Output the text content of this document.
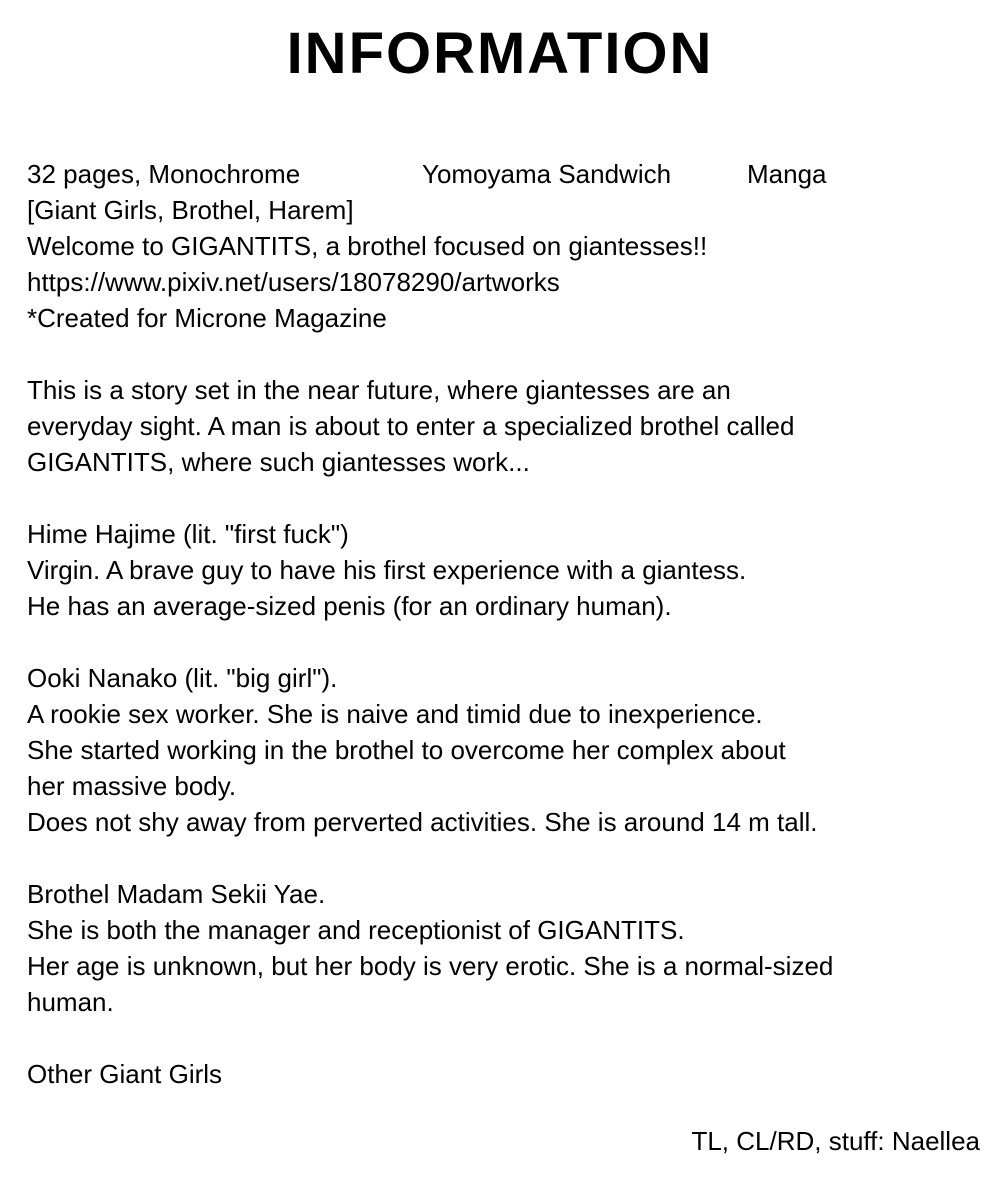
INFORMATION
32 pages, Monochrome	Yomoyama Sandwich	Manga
[Giant Girls, Brothel, Harem]
Welcome to GIGANTITS, a brothel focused on giantesses!!
https://www.pixiv.net/users/18078290/artworks
*Created for Microne Magazine
This is a story set in the near future, where giantesses are an
everyday sight. A man is about to enter a specialized brothel called
GIGANTITS, where such giantesses work...
Hime Hajime (lit. "first fuck")
Virgin. A brave guy to have his first experience with a giantess.
He has an average-sized penis (for an ordinary human).
Ooki Nanako (lit. "big girl").
A rookie sex worker. She is naive and timid due to inexperience.
She started working in the brothel to overcome her complex about
her massive body.
Does not shy away from perverted activities. She is around 14 m tall.
Brothel Madam Sekii Yae.
She is both the manager and receptionist of GIGANTITS.
Her age is unknown, but her body is very erotic. She is a normal-sized
human.
Other Giant Girls
TL, CL/RD, stuff: Naellea
